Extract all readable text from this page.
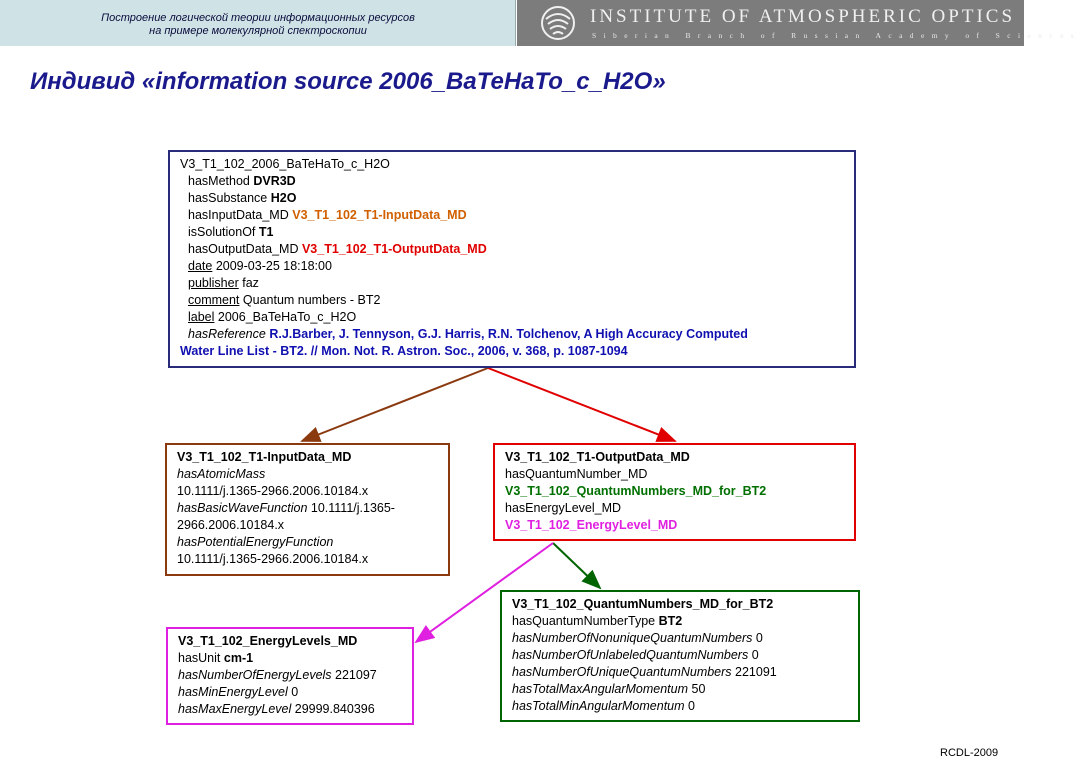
Построение логической теории информационных ресурсов
на примере молекулярной спектроскопии
INSTITUTE OF ATMOSPHERIC OPTICS
Siberian Branch of Russian Academy of Sciences
Индивид «information source 2006_BaTeHaTo_c_H2O»
V3_T1_102_2006_BaTeHaTo_c_H2O
hasMethod DVR3D
hasSubstance H2O
hasInputData_MD V3_T1_102_T1-InputData_MD
isSolutionOf T1
hasOutputData_MD V3_T1_102_T1-OutputData_MD
date 2009-03-25 18:18:00
publisher faz
comment Quantum numbers - BT2
label 2006_BaTeHaTo_c_H2O
hasReference R.J.Barber, J. Tennyson, G.J. Harris, R.N. Tolchenov, A High Accuracy Computed
Water Line List - BT2. // Mon. Not. R. Astron. Soc., 2006, v. 368, p. 1087-1094
V3_T1_102_T1-InputData_MD
hasAtomicMass
10.1111/j.1365-2966.2006.10184.x
hasBasicWaveFunction 10.1111/j.1365-2966.2006.10184.x
hasPotentialEnergyFunction
10.1111/j.1365-2966.2006.10184.x
V3_T1_102_T1-OutputData_MD
hasQuantumNumber_MD
V3_T1_102_QuantumNumbers_MD_for_BT2
hasEnergyLevel_MD
V3_T1_102_EnergyLevel_MD
V3_T1_102_QuantumNumbers_MD_for_BT2
hasQuantumNumberType BT2
hasNumberOfNonuniqueQuantumNumbers 0
hasNumberOfUnlabeledQuantumNumbers 0
hasNumberOfUniqueQuantumNumbers 221091
hasTotalMaxAngularMomentum 50
hasTotalMinAngularMomentum 0
V3_T1_102_EnergyLevels_MD
hasUnit cm-1
hasNumberOfEnergyLevels 221097
hasMinEnergyLevel 0
hasMaxEnergyLevel 29999.840396
RCDL-2009
